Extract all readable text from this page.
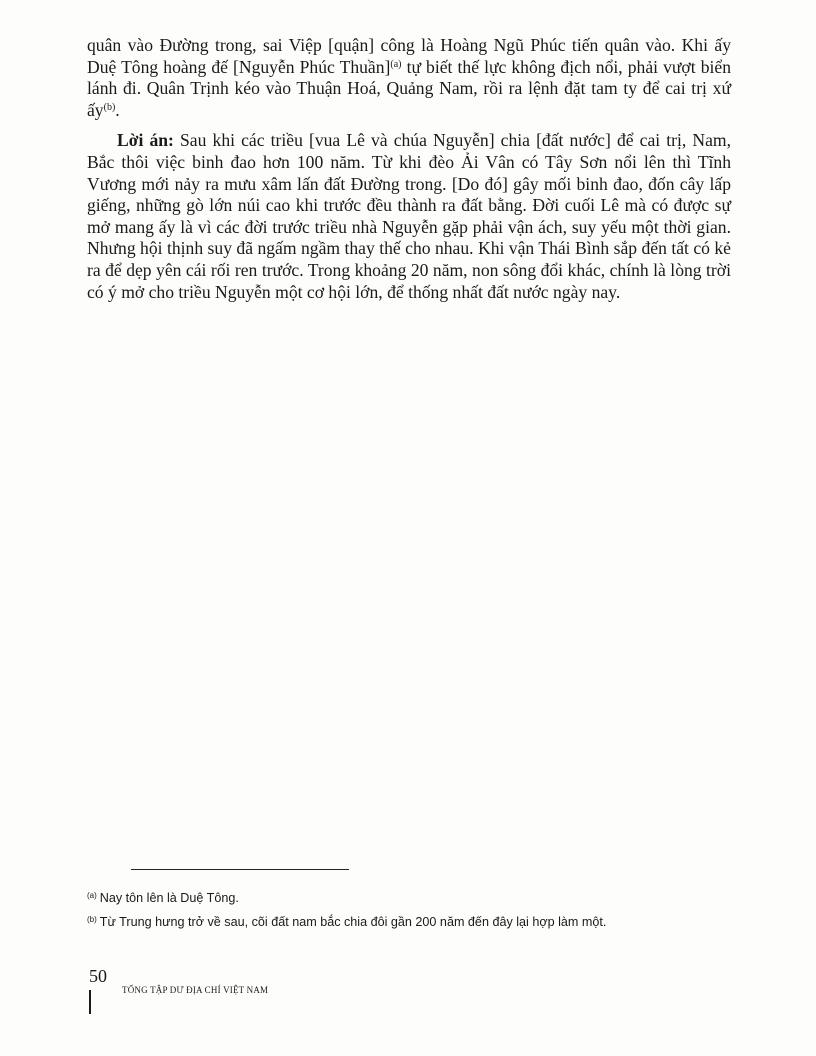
quân vào Đường trong, sai Việp [quận] công là Hoàng Ngũ Phúc tiến quân vào. Khi ấy Duệ Tông hoàng đế [Nguyễn Phúc Thuần]$^{(a)}$ tự biết thế lực không địch nổi, phải vượt biển lánh đi. Quân Trịnh kéo vào Thuận Hoá, Quảng Nam, rồi ra lệnh đặt tam ty để cai trị xứ ấy$^{(b)}$.

Lời án: Sau khi các triều [vua Lê và chúa Nguyễn] chia [đất nước] để cai trị, Nam, Bắc thôi việc binh đao hơn 100 năm. Từ khi đèo Ải Vân có Tây Sơn nổi lên thì Tĩnh Vương mới nảy ra mưu xâm lấn đất Đường trong. [Do đó] gây mối binh đao, đốn cây lấp giếng, những gò lớn núi cao khi trước đều thành ra đất bằng. Đời cuối Lê mà có được sự mở mang ấy là vì các đời trước triều nhà Nguyễn gặp phải vận ách, suy yếu một thời gian. Nhưng hội thịnh suy đã ngấm ngầm thay thế cho nhau. Khi vận Thái Bình sắp đến tất có kẻ ra để dẹp yên cái rối ren trước. Trong khoảng 20 năm, non sông đổi khác, chính là lòng trời có ý mở cho triều Nguyễn một cơ hội lớn, để thống nhất đất nước ngày nay.

$^{(a)}$ Nay tôn lên là Duệ Tông.
$^{(b)}$ Từ Trung hưng trở về sau, cõi đất nam bắc chia đôi gần 200 năm đến đây lại hợp làm một.
50
TỔNG TẬP DƯ ĐỊA CHÍ VIỆT NAM
